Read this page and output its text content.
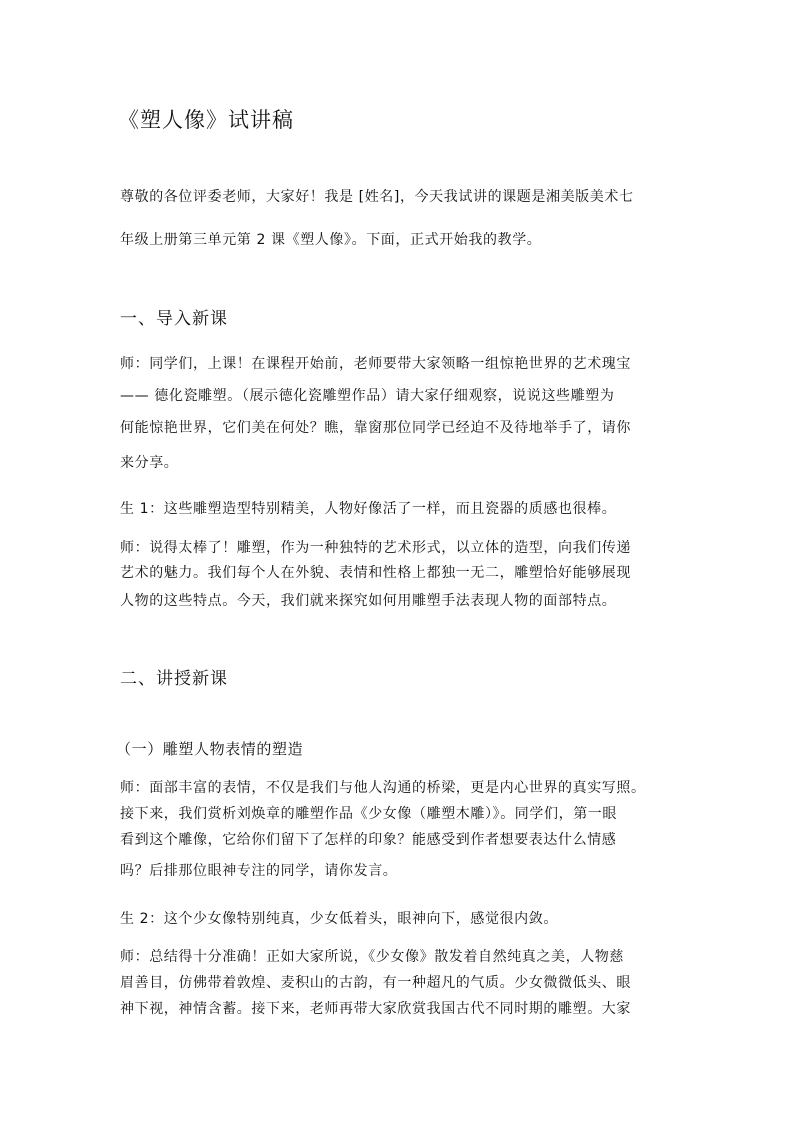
《塑人像》试讲稿
尊敬的各位评委老师，大家好！我是 [姓名]，今天我试讲的课题是湘美版美术七
年级上册第三单元第 2 课《塑人像》。下面，正式开始我的教学。
一、导入新课
师：同学们，上课！在课程开始前，老师要带大家领略一组惊艳世界的艺术瑰宝
—— 德化瓷雕塑。（展示德化瓷雕塑作品）请大家仔细观察，说说这些雕塑为
何能惊艳世界，它们美在何处？瞧，靠窗那位同学已经迫不及待地举手了，请你
来分享。
生 1：这些雕塑造型特别精美，人物好像活了一样，而且瓷器的质感也很棒。
师：说得太棒了！雕塑，作为一种独特的艺术形式，以立体的造型，向我们传递
艺术的魅力。我们每个人在外貌、表情和性格上都独一无二，雕塑恰好能够展现
人物的这些特点。今天，我们就来探究如何用雕塑手法表现人物的面部特点。
二、讲授新课
（一）雕塑人物表情的塑造
师：面部丰富的表情，不仅是我们与他人沟通的桥梁，更是内心世界的真实写照。
接下来，我们赏析刘焕章的雕塑作品《少女像（雕塑木雕）》。同学们，第一眼
看到这个雕像，它给你们留下了怎样的印象？能感受到作者想要表达什么情感
吗？后排那位眼神专注的同学，请你发言。
生 2：这个少女像特别纯真，少女低着头，眼神向下，感觉很内敛。
师：总结得十分准确！正如大家所说，《少女像》散发着自然纯真之美，人物慈
眉善目，仿佛带着敦煌、麦积山的古韵，有一种超凡的气质。少女微微低头、眼
神下视，神情含蓄。接下来，老师再带大家欣赏我国古代不同时期的雕塑。大家
